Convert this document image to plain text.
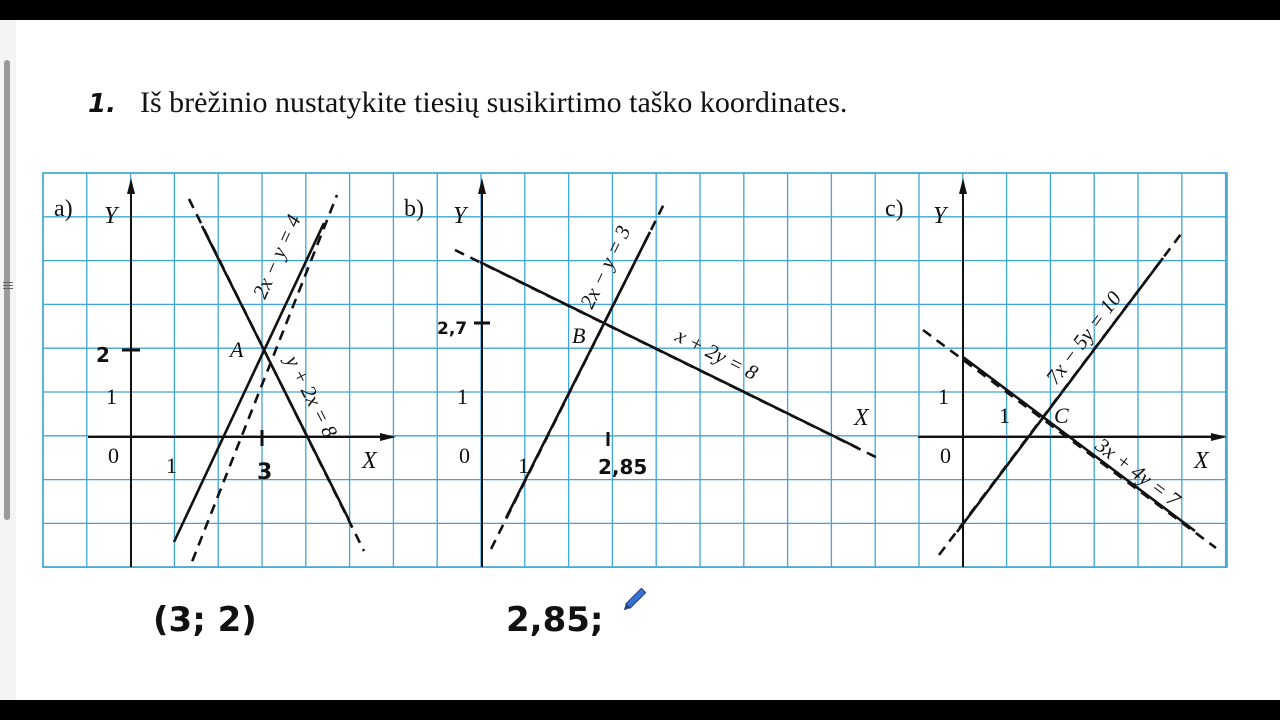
1. Iš brėžinio nustatykite tiesių susikirtimo taško koordinates.
a) Y
X
0 1
1
A
2x − y = 4
y + 2x = 8
2
3
b) Y
X
0 1
1
B
2x − y = 3
x + 2y = 8
2,7
2,85
c) Y
X
0
1
1
C
7x − 5y = 10
3x + 4y = 7
(3; 2)	2,85;
